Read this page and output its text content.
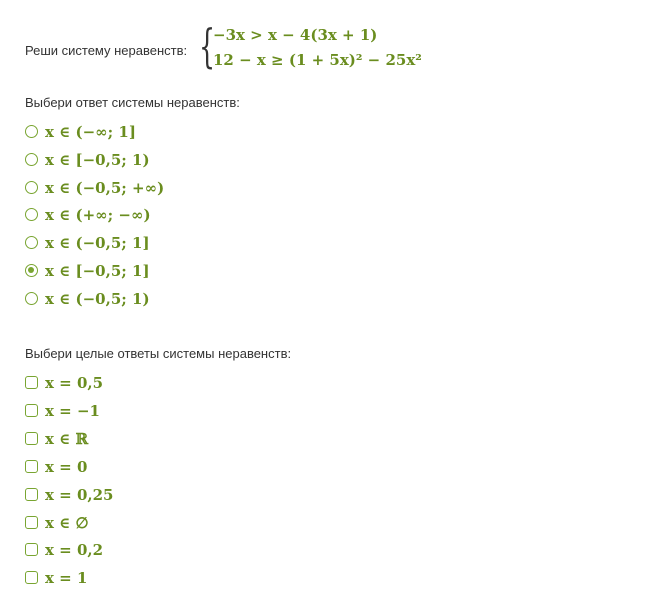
Реши систему неравенств: {
−3x > x − 4(3x + 1)
12 − x ≥ (1 + 5x)² − 25x²
Выбери ответ системы неравенств:
x ∈ (−∞; 1]
x ∈ [−0,5; 1)
x ∈ (−0,5; +∞)
x ∈ (+∞; −∞)
x ∈ (−0,5; 1]
x ∈ [−0,5; 1]
x ∈ (−0,5; 1)
Выбери целые ответы системы неравенств:
x = 0,5
x = −1
x ∈ ℝ
x = 0
x = 0,25
x ∈ ∅
x = 0,2
x = 1
